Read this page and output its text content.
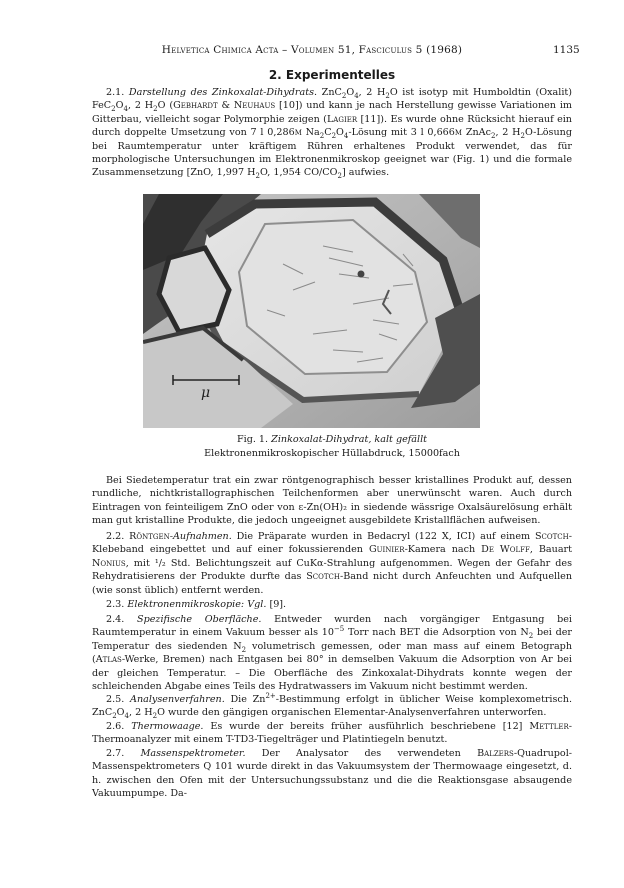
Helvetica Chimica Acta – Volumen 51, Fasciculus 5 (1968)	1135
2. Experimentelles

2.1. Darstellung des Zinkoxalat-Dihydrats. $ZnC_2O_4$, 2 $H_2O$ ist isotyp mit Humboldtin (Oxalit) $FeC_2O_4$, 2 $H_2O$ (Gebhardt & Neuhaus [10]) und kann je nach Herstellung gewisse Variationen im Gitterbau, vielleicht sogar Polymorphie zeigen (Lagier [11]). Es wurde ohne Rücksicht hierauf ein durch doppelte Umsetzung von 7 l 0,286m $Na_2C_2O_4$-Lösung mit 3 l 0,666m ZnAc$_2$, 2 $H_2O$-Lösung bei Raumtemperatur unter kräftigem Rühren erhaltenes Produkt verwendet, das für morphologische Untersuchungen im Elektronenmikroskop geeignet war (Fig. 1) und die formale Zusammensetzung [ZnO, 1,997 $H_2O$, 1,954 $CO/CO_2$] aufwies.

μ
Fig. 1. Zinkoxalat-Dihydrat, kalt gefällt
Elektronenmikroskopischer Hüllabdruck, 15000fach

Bei Siedetemperatur trat ein zwar röntgenographisch besser kristallines Produkt auf, dessen rundliche, nichtkristallographischen Teilchenformen aber unerwünscht waren. Auch durch Eintragen von feinteiligem ZnO oder von ε-Zn(OH)₂ in siedende wässrige Oxalsäurelösung erhält man gut kristalline Produkte, die jedoch ungeeignet ausgebildete Kristallflächen aufweisen.

2.2. Röntgen-Aufnahmen. Die Präparate wurden in Bedacryl (122 X, ICI) auf einem Scotch-Klebeband eingebettet und auf einer fokussierenden Guinier-Kamera nach De Wolff, Bauart Nonius, mit ¹/₂ Std. Belichtungszeit auf CuKα-Strahlung aufgenommen. Wegen der Gefahr des Rehydratisierens der Produkte durfte das Scotch-Band nicht durch Anfeuchten und Aufquellen (wie sonst üblich) entfernt werden.

2.3. Elektronenmikroskopie: Vgl. [9].

2.4. Spezifische Oberfläche. Entweder wurden nach vorgängiger Entgasung bei Raumtemperatur in einem Vakuum besser als $10^{-5}$ Torr nach BET die Adsorption von $N_2$ bei der Temperatur des siedenden $N_2$ volumetrisch gemessen, oder man mass auf einem Betograph (Atlas-Werke, Bremen) nach Entgasen bei 80° in demselben Vakuum die Adsorption von Ar bei der gleichen Temperatur. – Die Oberfläche des Zinkoxalat-Dihydrats konnte wegen der schleichenden Abgabe eines Teils des Hydratwassers im Vakuum nicht bestimmt werden.

2.5. Analysenverfahren. Die $Zn^{2+}$-Bestimmung erfolgt in üblicher Weise komplexometrisch. $ZnC_2O_4$, 2 $H_2O$ wurde den gängigen organischen Elementar-Analysenverfahren unterworfen.

2.6. Thermowaage. Es wurde der bereits früher ausführlich beschriebene [12] Mettler-Thermoanalyzer mit einem T-TD3-Tiegelträger und Platintiegeln benutzt.

2.7. Massenspektrometer. Der Analysator des verwendeten Balzers-Quadrupol-Massenspektrometers Q 101 wurde direkt in das Vakuumsystem der Thermowaage eingesetzt, d. h. zwischen den Ofen mit der Untersuchungssubstanz und die die Reaktionsgase absaugende Vakuumpumpe. Da-
